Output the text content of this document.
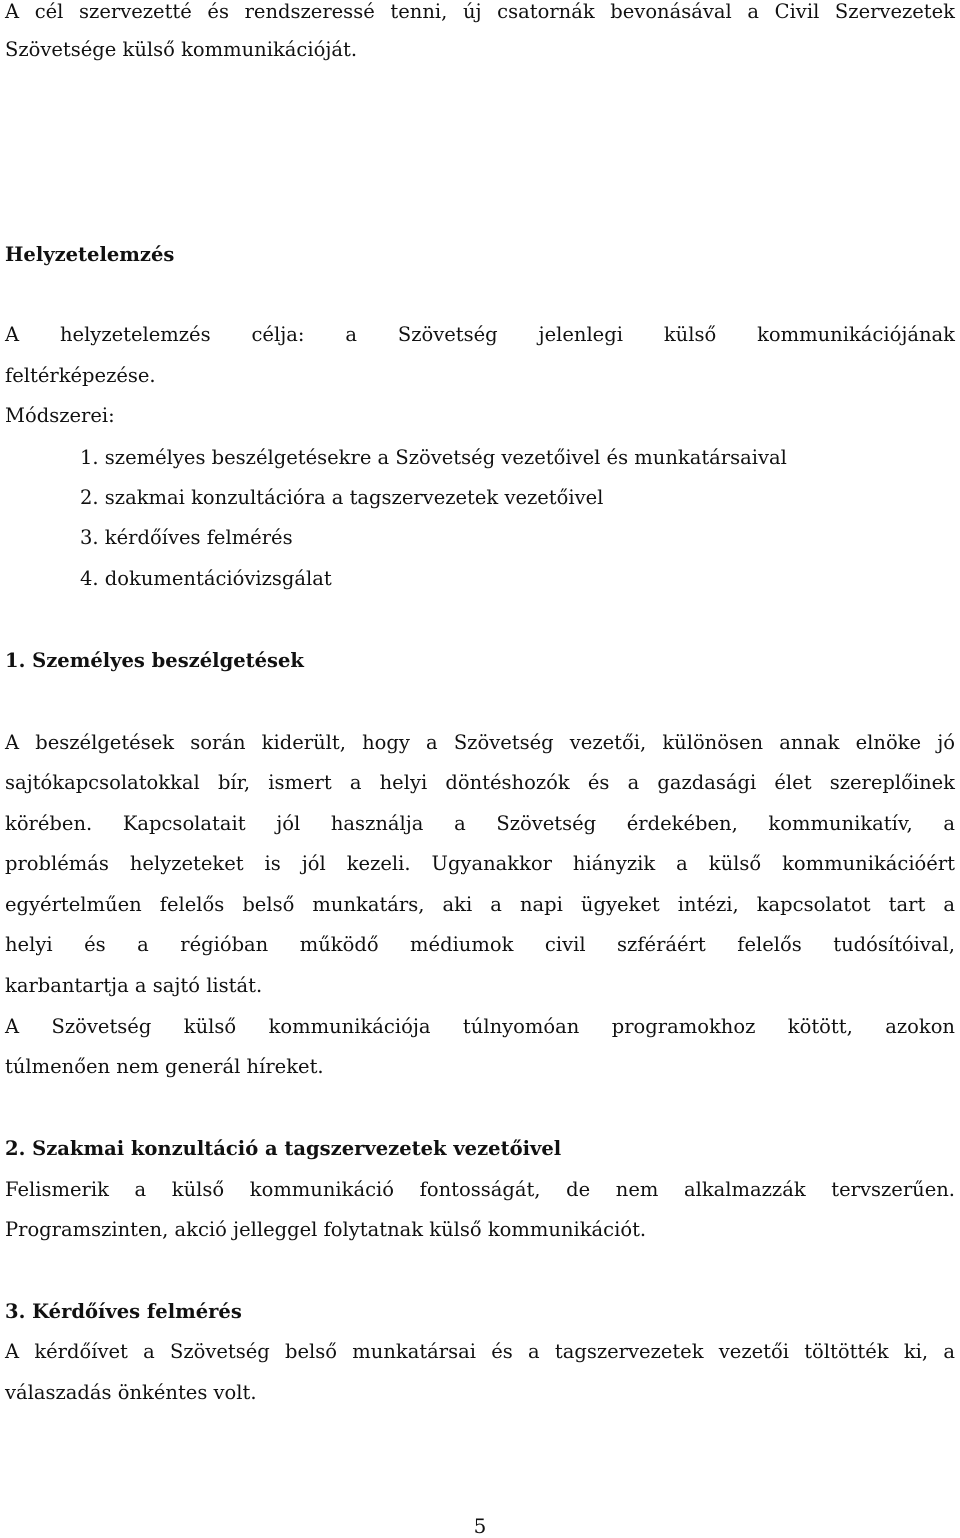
A cél szervezetté és rendszeressé tenni, új csatornák bevonásával a Civil Szervezetek
Szövetsége külső kommunikációját.
Helyzetelemzés
A helyzetelemzés célja: a Szövetség jelenlegi külső kommunikációjának
feltérképezése.
Módszerei:
1. személyes beszélgetésekre a Szövetség vezetőivel és munkatársaival
2. szakmai konzultációra a tagszervezetek vezetőivel
3. kérdőíves felmérés
4. dokumentációvizsgálat
1. Személyes beszélgetések
A beszélgetések során kiderült, hogy a Szövetség vezetői, különösen annak elnöke jó
sajtókapcsolatokkal bír, ismert a helyi döntéshozók és a gazdasági élet szereplőinek
körében. Kapcsolatait jól használja a Szövetség érdekében, kommunikatív, a
problémás helyzeteket is jól kezeli. Ugyanakkor hiányzik a külső kommunikációért
egyértelműen felelős belső munkatárs, aki a napi ügyeket intézi, kapcsolatot tart a
helyi és a régióban működő médiumok civil szféráért felelős tudósítóival,
karbantartja a sajtó listát.
A Szövetség külső kommunikációja túlnyomóan programokhoz kötött, azokon
túlmenően nem generál híreket.
2. Szakmai konzultáció a tagszervezetek vezetőivel
Felismerik a külső kommunikáció fontosságát, de nem alkalmazzák tervszerűen.
Programszinten, akció jelleggel folytatnak külső kommunikációt.
3. Kérdőíves felmérés
A kérdőívet a Szövetség belső munkatársai és a tagszervezetek vezetői töltötték ki, a
válaszadás önkéntes volt.
5
